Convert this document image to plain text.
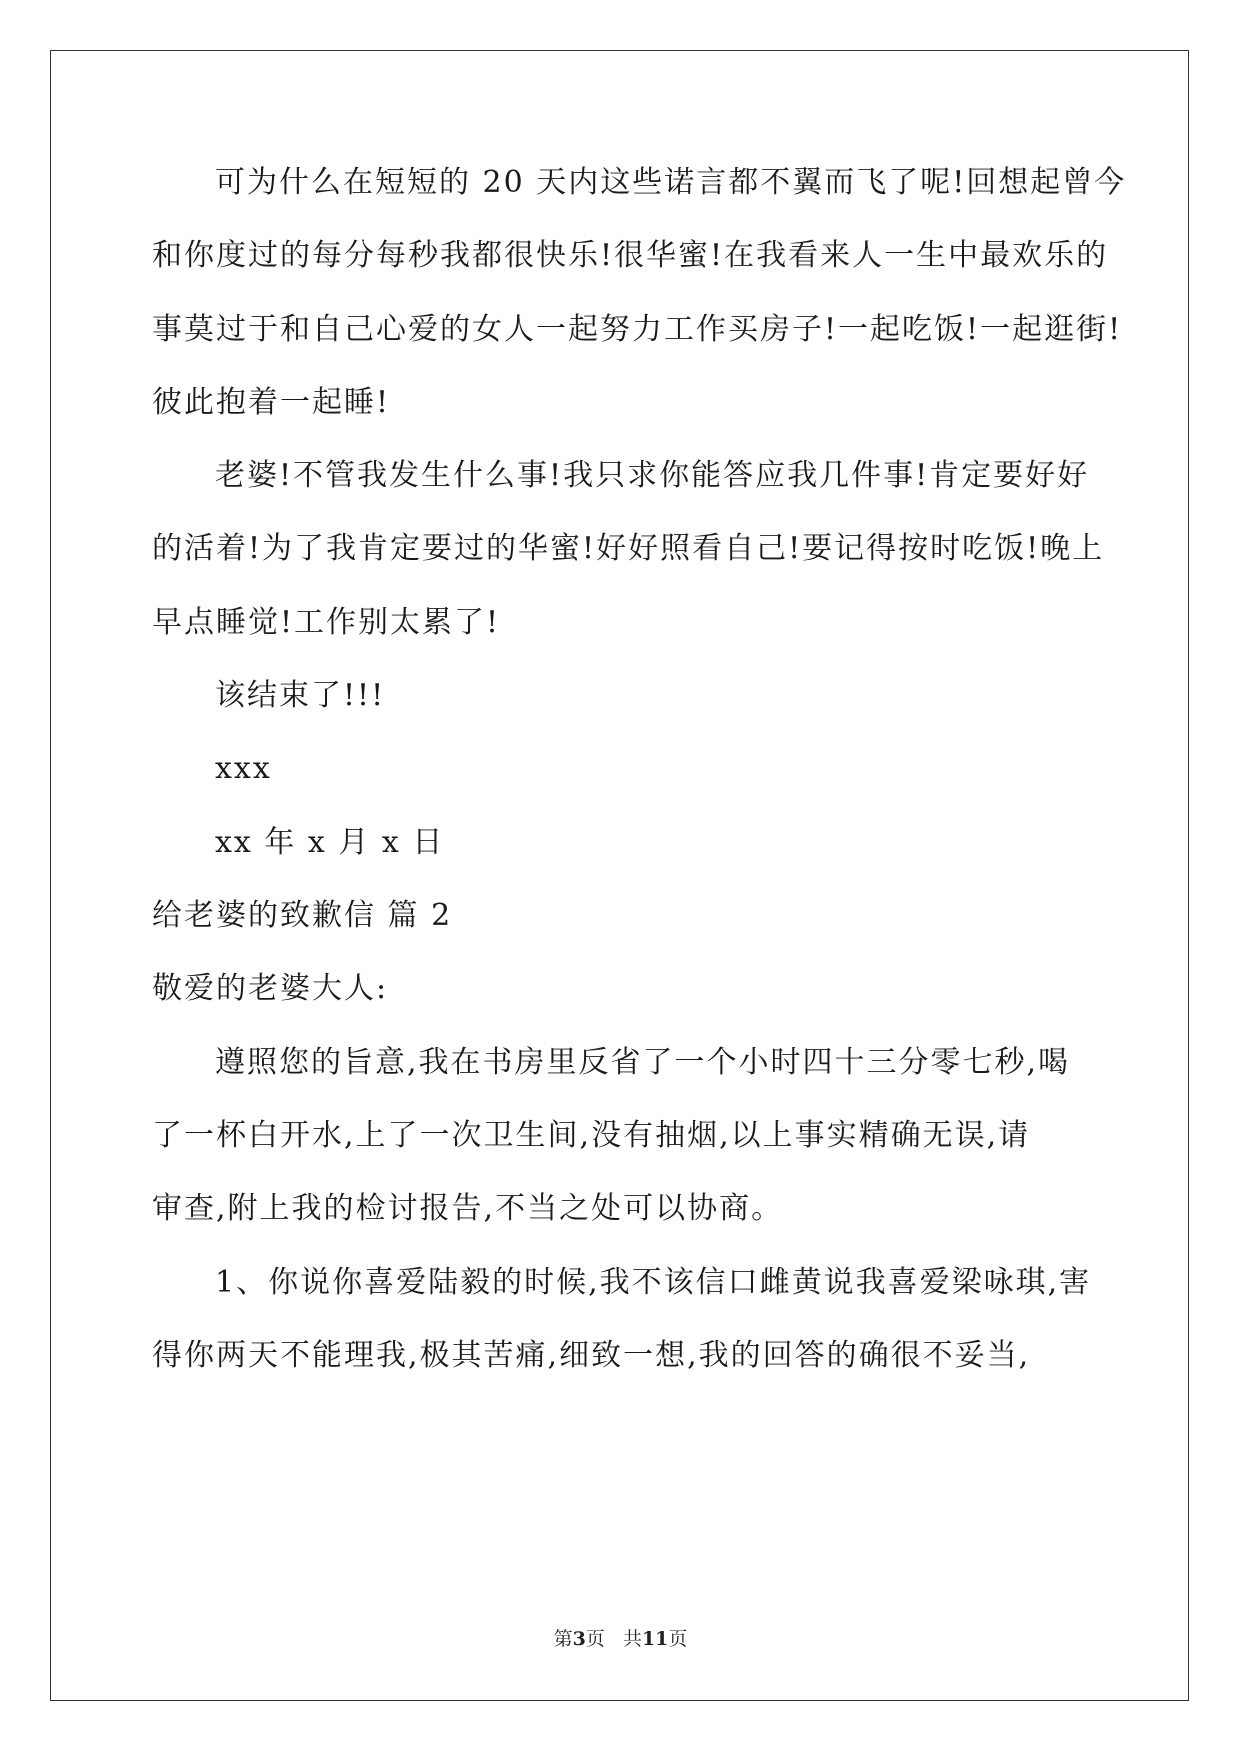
可为什么在短短的 20 天内这些诺言都不翼而飞了呢!回想起曾今
和你度过的每分每秒我都很快乐!很华蜜!在我看来人一生中最欢乐的
事莫过于和自己心爱的女人一起努力工作买房子!一起吃饭!一起逛街!
彼此抱着一起睡!
老婆!不管我发生什么事!我只求你能答应我几件事!肯定要好好
的活着!为了我肯定要过的华蜜!好好照看自己!要记得按时吃饭!晚上
早点睡觉!工作别太累了!
该结束了!!!
xxx
xx 年 x 月 x 日
给老婆的致歉信 篇 2
敬爱的老婆大人:
遵照您的旨意,我在书房里反省了一个小时四十三分零七秒,喝
了一杯白开水,上了一次卫生间,没有抽烟,以上事实精确无误,请
审查,附上我的检讨报告,不当之处可以协商。
1、你说你喜爱陆毅的时候,我不该信口雌黄说我喜爱梁咏琪,害
得你两天不能理我,极其苦痛,细致一想,我的回答的确很不妥当,
第3页   共11页
